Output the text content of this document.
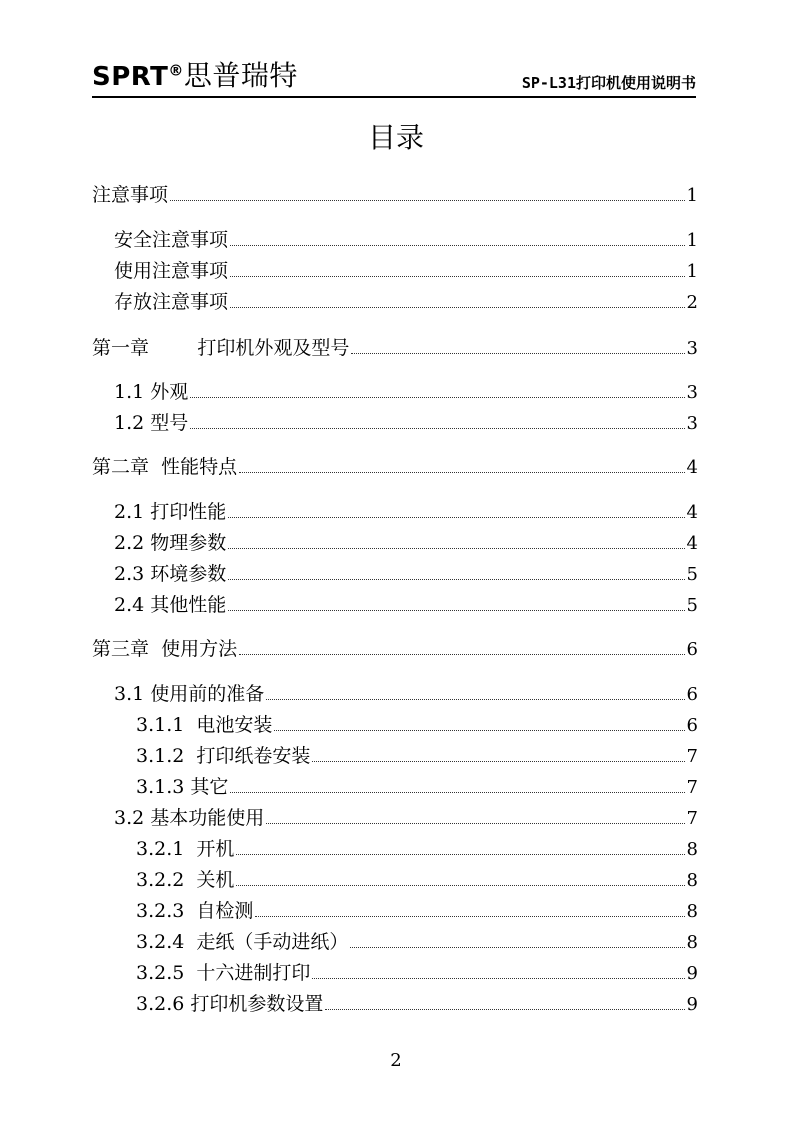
SPRT®思普瑞特	SP-L31打印机使用说明书
目录
注意事项	1
安全注意事项	1
使用注意事项	1
存放注意事项	2
第一章        打印机外观及型号	3
1.1 外观	3
1.2 型号	3
第二章  性能特点	4
2.1 打印性能	4
2.2 物理参数	4
2.3 环境参数	5
2.4 其他性能	5
第三章  使用方法	6
3.1 使用前的准备	6
3.1.1  电池安装	6
3.1.2  打印纸卷安装	7
3.1.3 其它	7
3.2 基本功能使用	7
3.2.1  开机	8
3.2.2  关机	8
3.2.3  自检测	8
3.2.4  走纸（手动进纸）	8
3.2.5  十六进制打印	9
3.2.6 打印机参数设置	9
2
